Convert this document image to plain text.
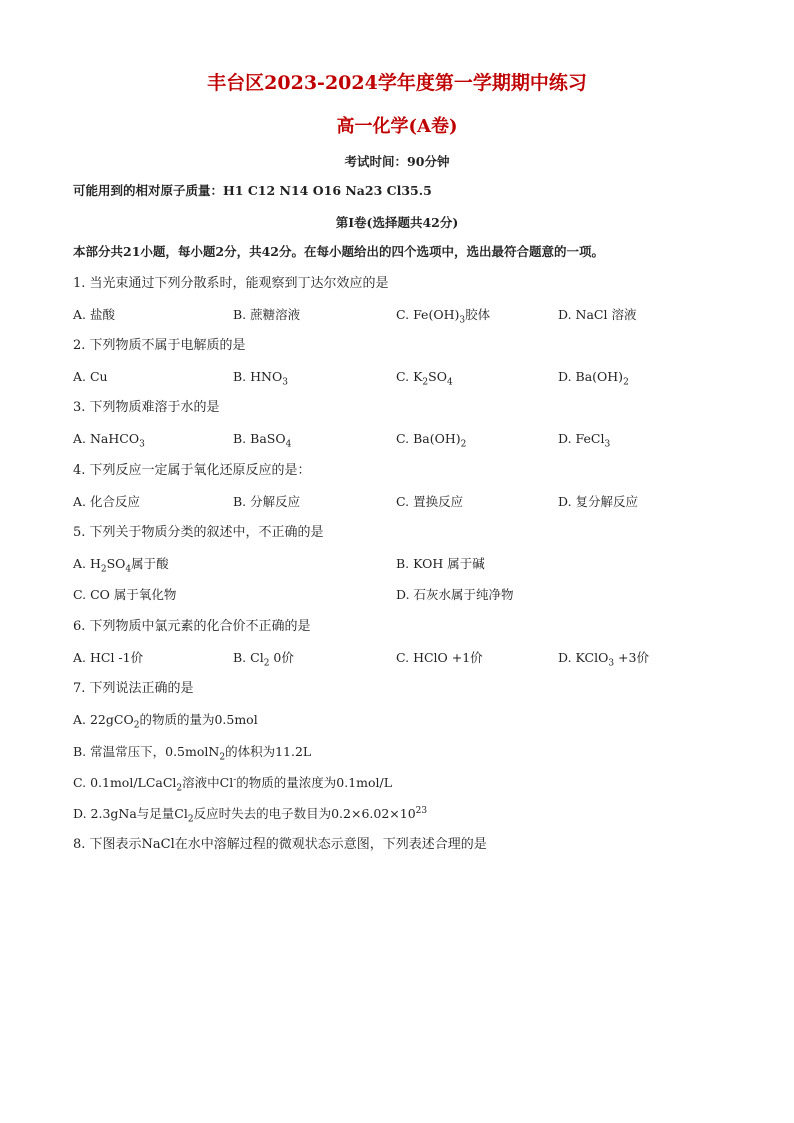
丰台区2023-2024学年度第一学期期中练习
高一化学(A卷)
考试时间：90分钟
可能用到的相对原子质量：H1 C12 N14 O16 Na23 Cl35.5
第I卷(选择题共42分)
本部分共21小题，每小题2分，共42分。在每小题给出的四个选项中，选出最符合题意的一项。
1. 当光束通过下列分散系时，能观察到丁达尔效应的是
A. 盐酸	B. 蔗糖溶液	C. $Fe(OH)_3$胶体	D. NaCl 溶液
2. 下列物质不属于电解质的是
A. Cu	B. $HNO_3$	C. $K_2SO_4$	D. $Ba(OH)_2$
3. 下列物质难溶于水的是
A. NaHCO$_3$	B. BaSO$_4$	C. $Ba(OH)_2$	D. FeCl$_3$
4. 下列反应一定属于氧化还原反应的是：
A. 化合反应	B. 分解反应	C. 置换反应	D. 复分解反应
5. 下列关于物质分类的叙述中，不正确的是
A. $H_2SO_4$属于酸	B. KOH 属于碱
C. CO 属于氧化物	D. 石灰水属于纯净物
6. 下列物质中氯元素的化合价不正确的是
A. HCl -1价	B. $Cl_2$ 0价	C. HClO +1价	D. KClO$_3$ +3价
7. 下列说法正确的是
A. 22gCO$_2$的物质的量为0.5mol
B. 常温常压下，0.5molN$_2$的体积为11.2L
C. 0.1mol/LCaCl$_2$溶液中Cl-的物质的量浓度为0.1mol/L
D. 2.3gNa与足量$Cl_2$反应时失去的电子数目为$0.2\times 6.02\times 10^{23}$
8. 下图表示NaCl在水中溶解过程的微观状态示意图，下列表述合理的是
